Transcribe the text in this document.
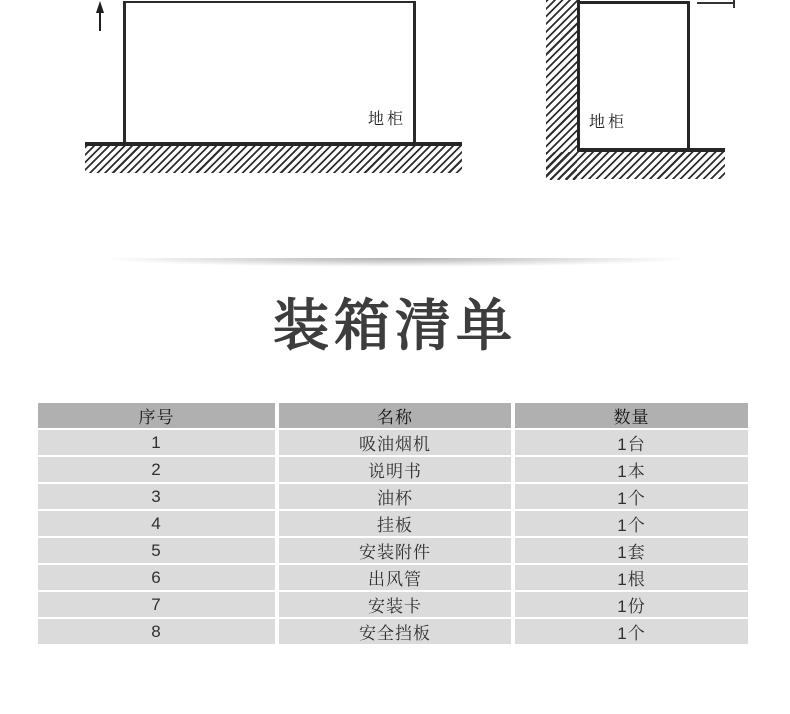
地柜	地柜
装箱清单
序号	名称	数量
1	吸油烟机	1台
2	说明书	1本
3	油杯	1个
4	挂板	1个
5	安装附件	1套
6	出风管	1根
7	安装卡	1份
8	安全挡板	1个
